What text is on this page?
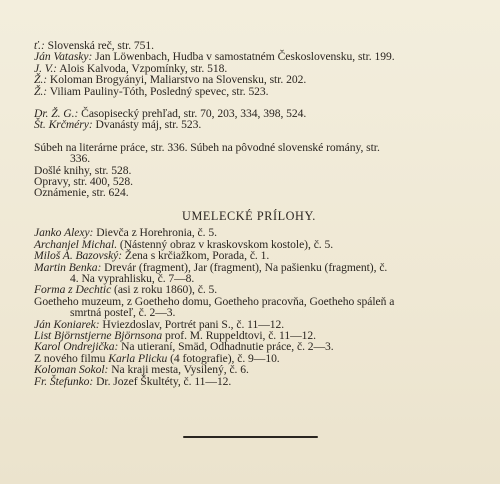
ť.: Slovenská reč, str. 751.
Ján Vatasky: Jan Löwenbach, Hudba v samostatném Československu, str. 199.
J. V.: Alois Kalvoda, Vzpomínky, str. 518.
Ž.: Koloman Brogyányi, Maliarstvo na Slovensku, str. 202.
Ž.: Viliam Pauliny-Tóth, Posledný spevec, str. 523.
Dr. Ž. G.: Časopisecký prehľad, str. 70, 203, 334, 398, 524.
Št. Krčméry: Dvanásty máj, str. 523.
Súbeh na literárne práce, str. 336. Súbeh na pôvodné slovenské romány, str.
336.
Došlé knihy, str. 528.
Opravy, str. 400, 528.
Oznámenie, str. 624.
UMELECKÉ PRÍLOHY.
Janko Alexy: Dievča z Horehronia, č. 5.
Archanjel Michal. (Nástenný obraz v kraskovskom kostole), č. 5.
Miloš A. Bazovský: Žena s krčiažkom, Porada, č. 1.
Martin Benka: Drevár (fragment), Jar (fragment), Na pašienku (fragment), č.
4. Na vyprahlisku, č. 7—8.
Forma z Dechtic (asi z roku 1860), č. 5.
Goetheho muzeum, z Goetheho domu, Goetheho pracovňa, Goetheho spáleň a
smrtná posteľ, č. 2—3.
Ján Koniarek: Hviezdoslav, Portrét pani S., č. 11—12.
List Björnstjerne Björnsona prof. M. Ruppeldtovi, č. 11—12.
Karol Ondrejička: Na utieraní, Smäd, Odhadnutie práce, č. 2—3.
Z nového filmu Karla Plicku (4 fotografie), č. 9—10.
Koloman Sokol: Na kraji mesta, Vysilený, č. 6.
Fr. Štefunko: Dr. Jozef Škultéty, č. 11—12.
